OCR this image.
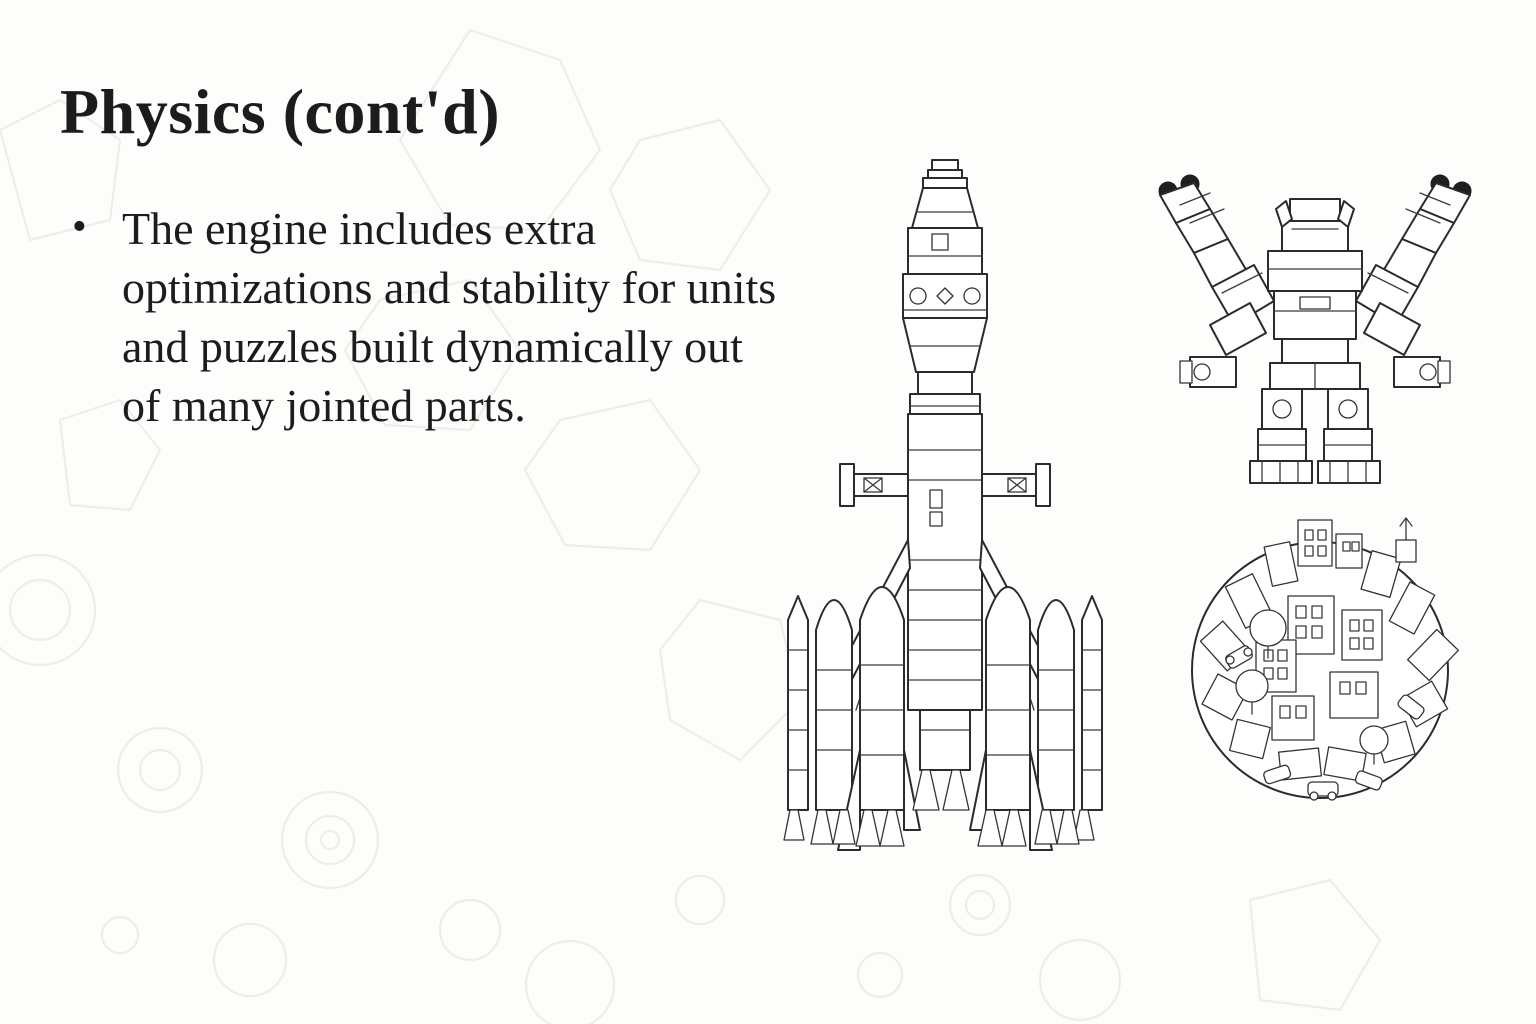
Physics (cont'd)
• The engine includes extra optimizations and stability for units and puzzles built dynamically out of many jointed parts.
